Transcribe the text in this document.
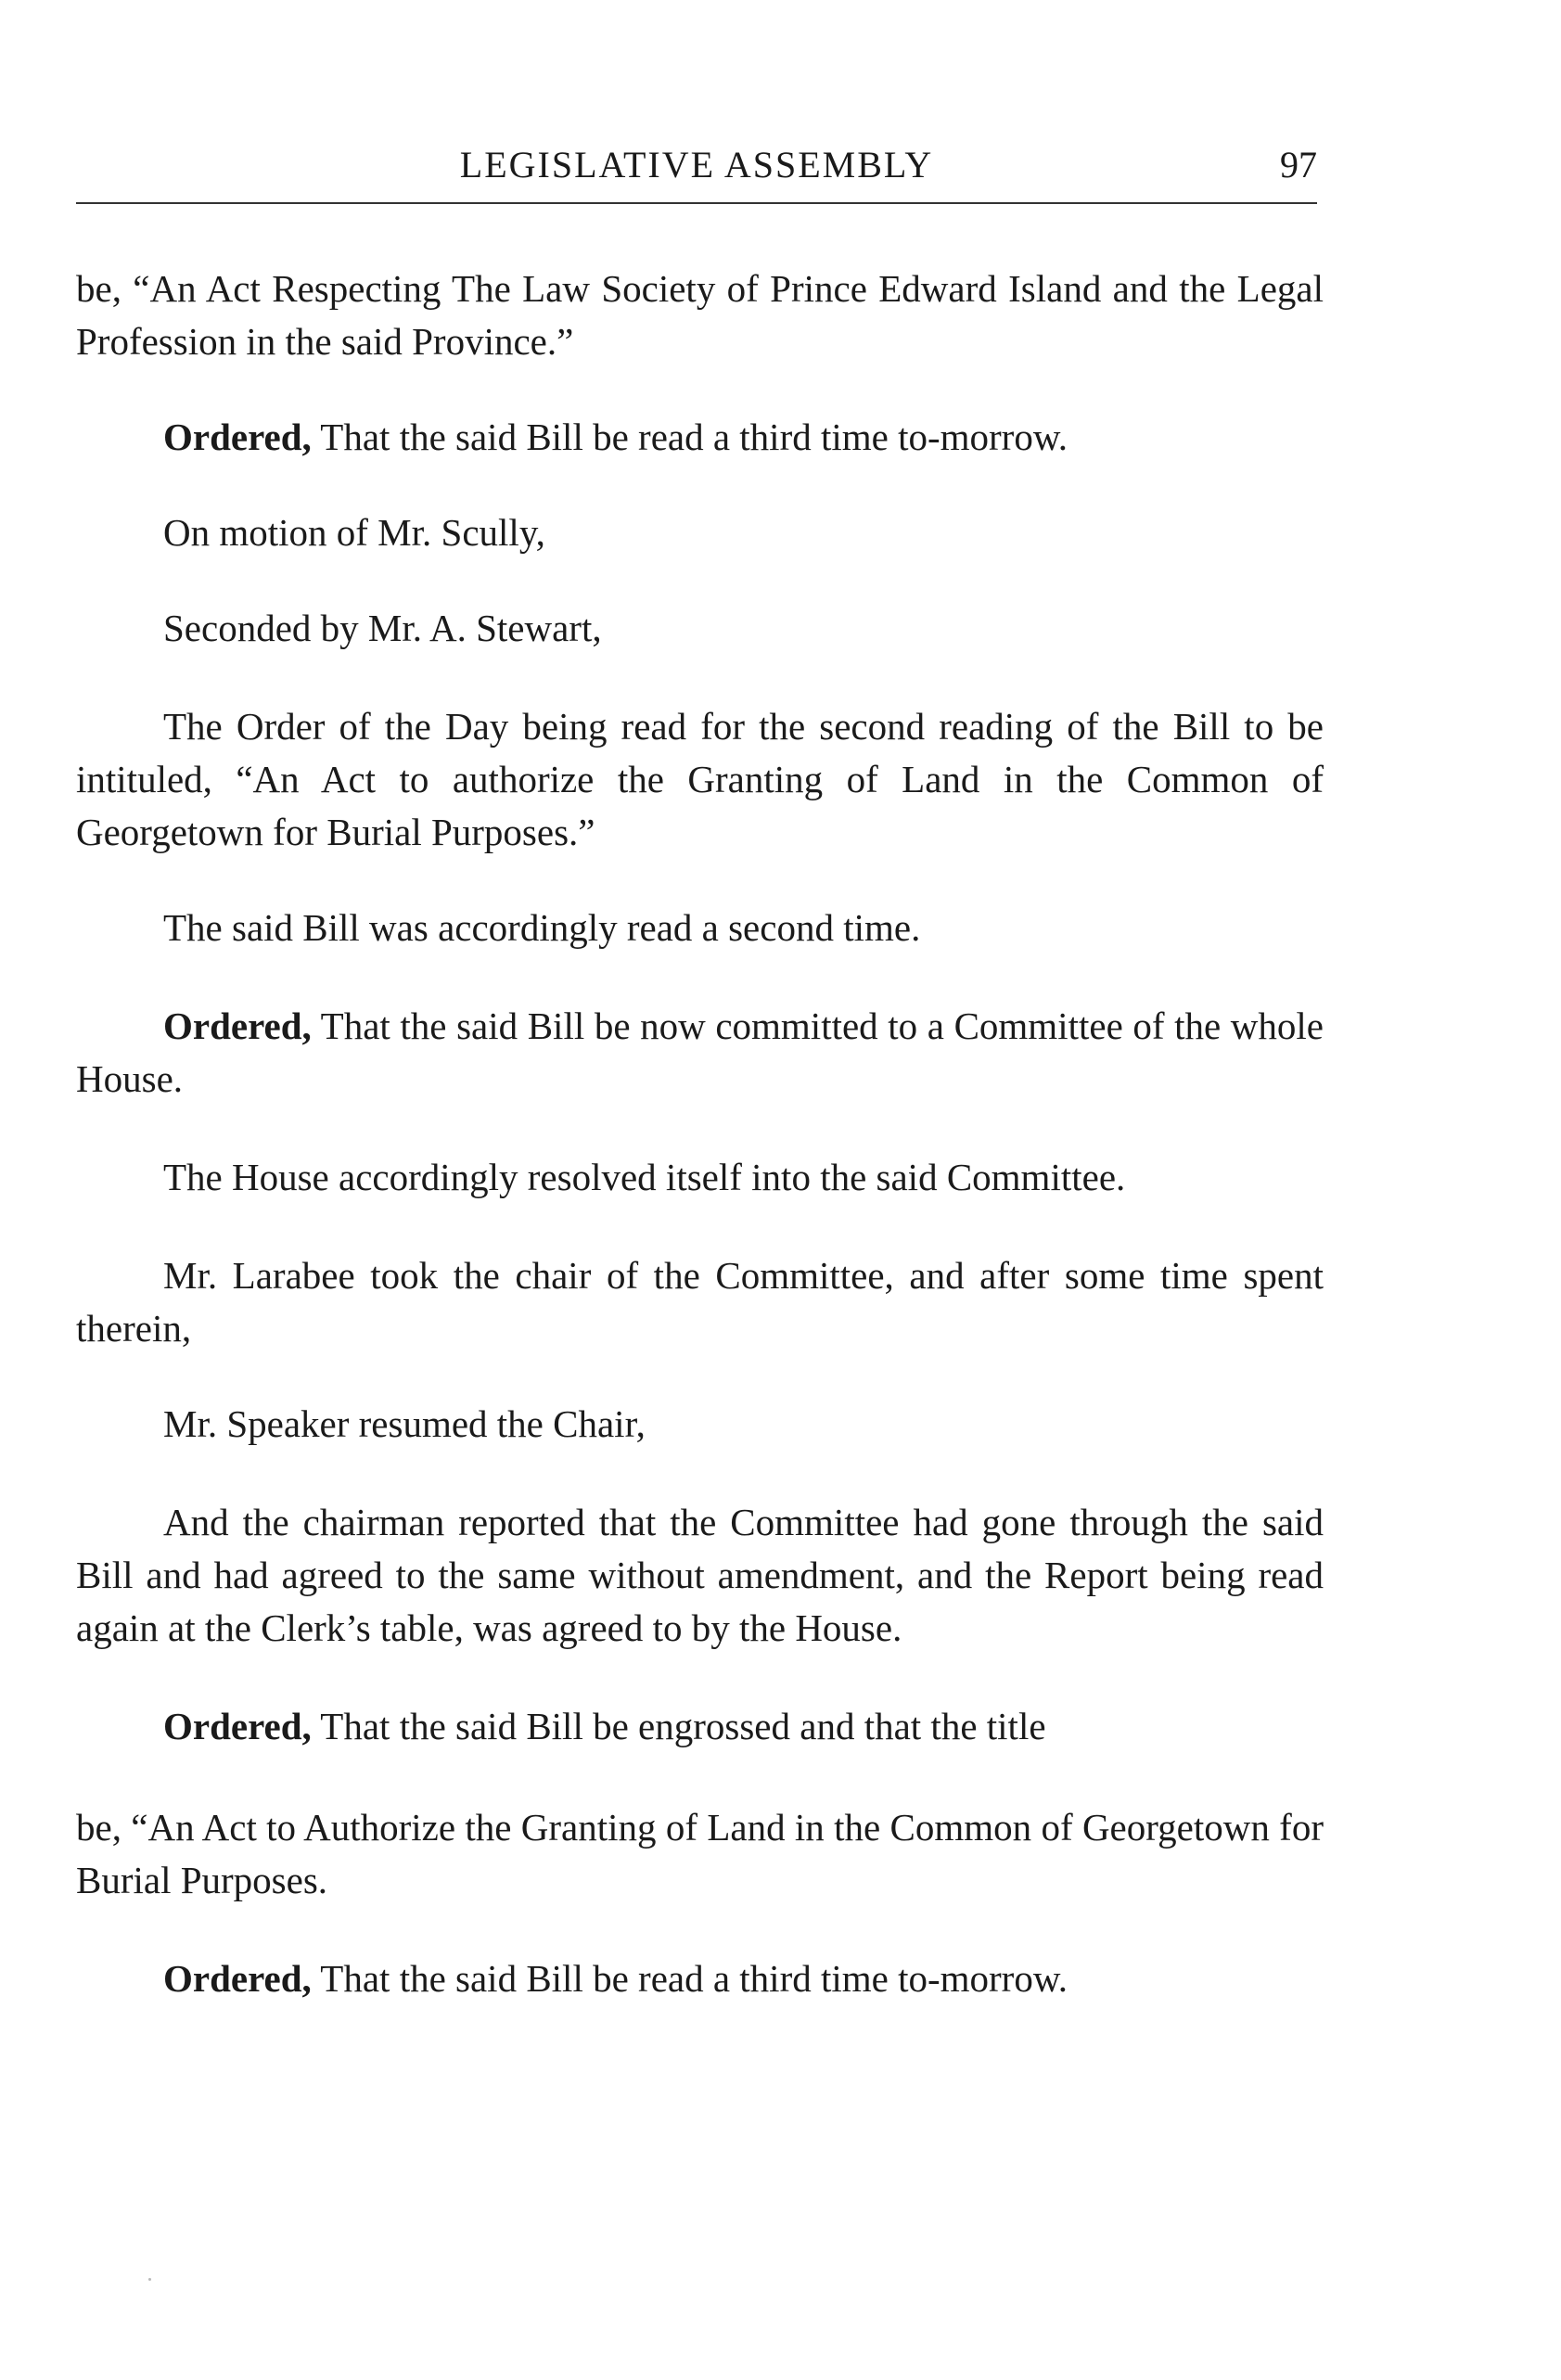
LEGISLATIVE ASSEMBLY	97

be, “An Act Respecting The Law Society of Prince Edward Island and the Legal Profession in the said Province.”

Ordered, That the said Bill be read a third time to-morrow.

On motion of Mr. Scully,

Seconded by Mr. A. Stewart,

The Order of the Day being read for the second reading of the Bill to be intituled, “An Act to authorize the Granting of Land in the Common of Georgetown for Burial Purposes.”

The said Bill was accordingly read a second time.

Ordered, That the said Bill be now committed to a Committee of the whole House.

The House accordingly resolved itself into the said Committee.

Mr. Larabee took the chair of the Committee, and after some time spent therein,

Mr. Speaker resumed the Chair,

And the chairman reported that the Committee had gone through the said Bill and had agreed to the same without amendment, and the Report being read again at the Clerk’s table, was agreed to by the House.

Ordered, That the said Bill be engrossed and that the title

be, “An Act to Authorize the Granting of Land in the Common of Georgetown for Burial Purposes.

Ordered, That the said Bill be read a third time to-morrow.
